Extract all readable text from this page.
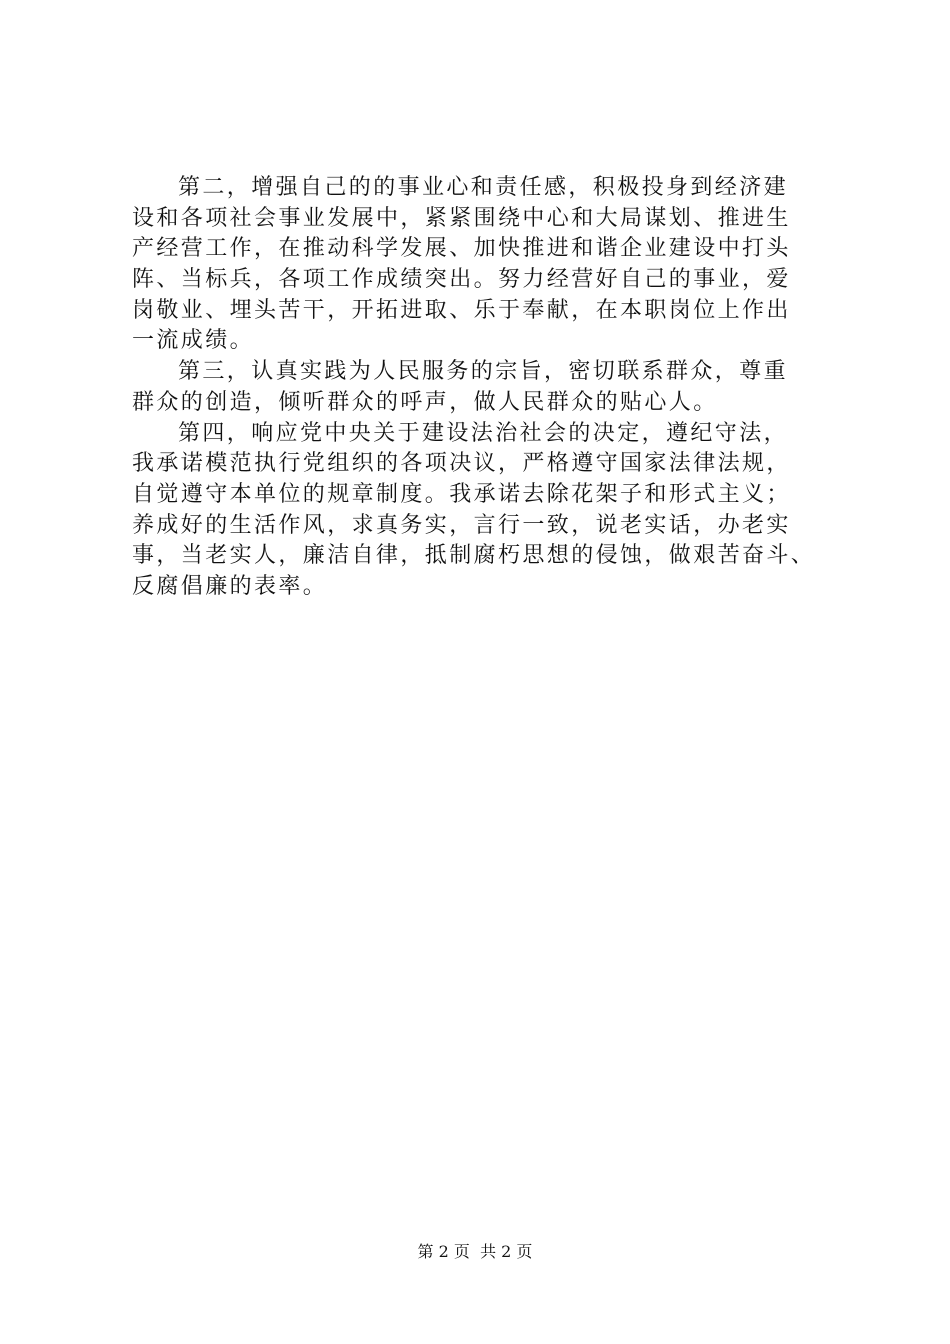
第二，增强自己的的事业心和责任感，积极投身到经济建
设和各项社会事业发展中，紧紧围绕中心和大局谋划、推进生
产经营工作，在推动科学发展、加快推进和谐企业建设中打头
阵、当标兵，各项工作成绩突出。努力经营好自己的事业，爱
岗敬业、埋头苦干，开拓进取、乐于奉献，在本职岗位上作出
一流成绩。
第三，认真实践为人民服务的宗旨，密切联系群众，尊重
群众的创造，倾听群众的呼声，做人民群众的贴心人。
第四，响应党中央关于建设法治社会的决定，遵纪守法，
我承诺模范执行党组织的各项决议，严格遵守国家法律法规，
自觉遵守本单位的规章制度。我承诺去除花架子和形式主义；
养成好的生活作风，求真务实，言行一致，说老实话，办老实
事，当老实人，廉洁自律，抵制腐朽思想的侵蚀，做艰苦奋斗、
反腐倡廉的表率。
第 2 页  共 2 页
